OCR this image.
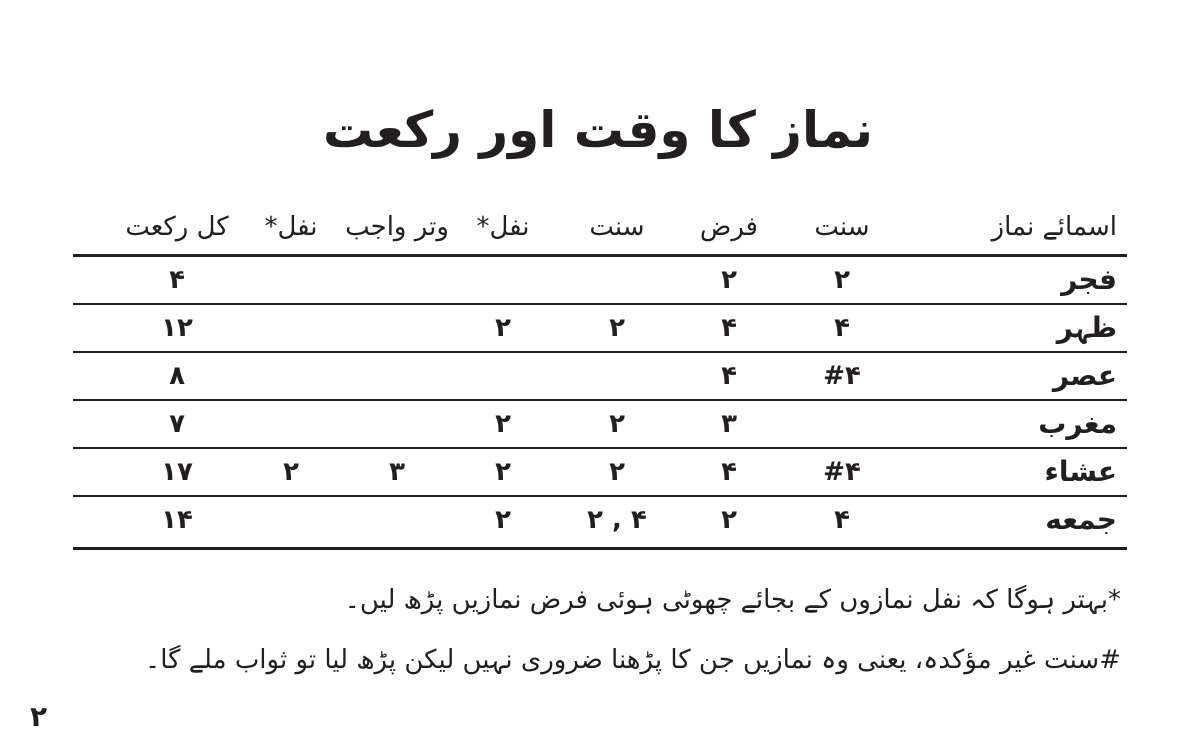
نماز کا وقت اور رکعت
اسمائے نماز
سنت
فرض
سنت
نفل*
وتر واجب
نفل*
کل رکعت
فجر
۲
۲
۴
ظہر
۴
۴
۲
۲
۱۲
عصر
#۴
۴
۸
مغرب
۳
۲
۲
۷
عشاء
#۴
۴
۲
۲
۳
۲
۱۷
جمعه
۴
۲
۴ , ۲
۲
۱۴
*بہتر ہوگا کہ نفل نمازوں کے بجائے چھوٹی ہوئی فرض نمازیں پڑھ لیں۔
#سنت غیر مؤکدہ، یعنی وہ نمازیں جن کا پڑھنا ضروری نہیں لیکن پڑھ لیا تو ثواب ملے گا۔
۲
